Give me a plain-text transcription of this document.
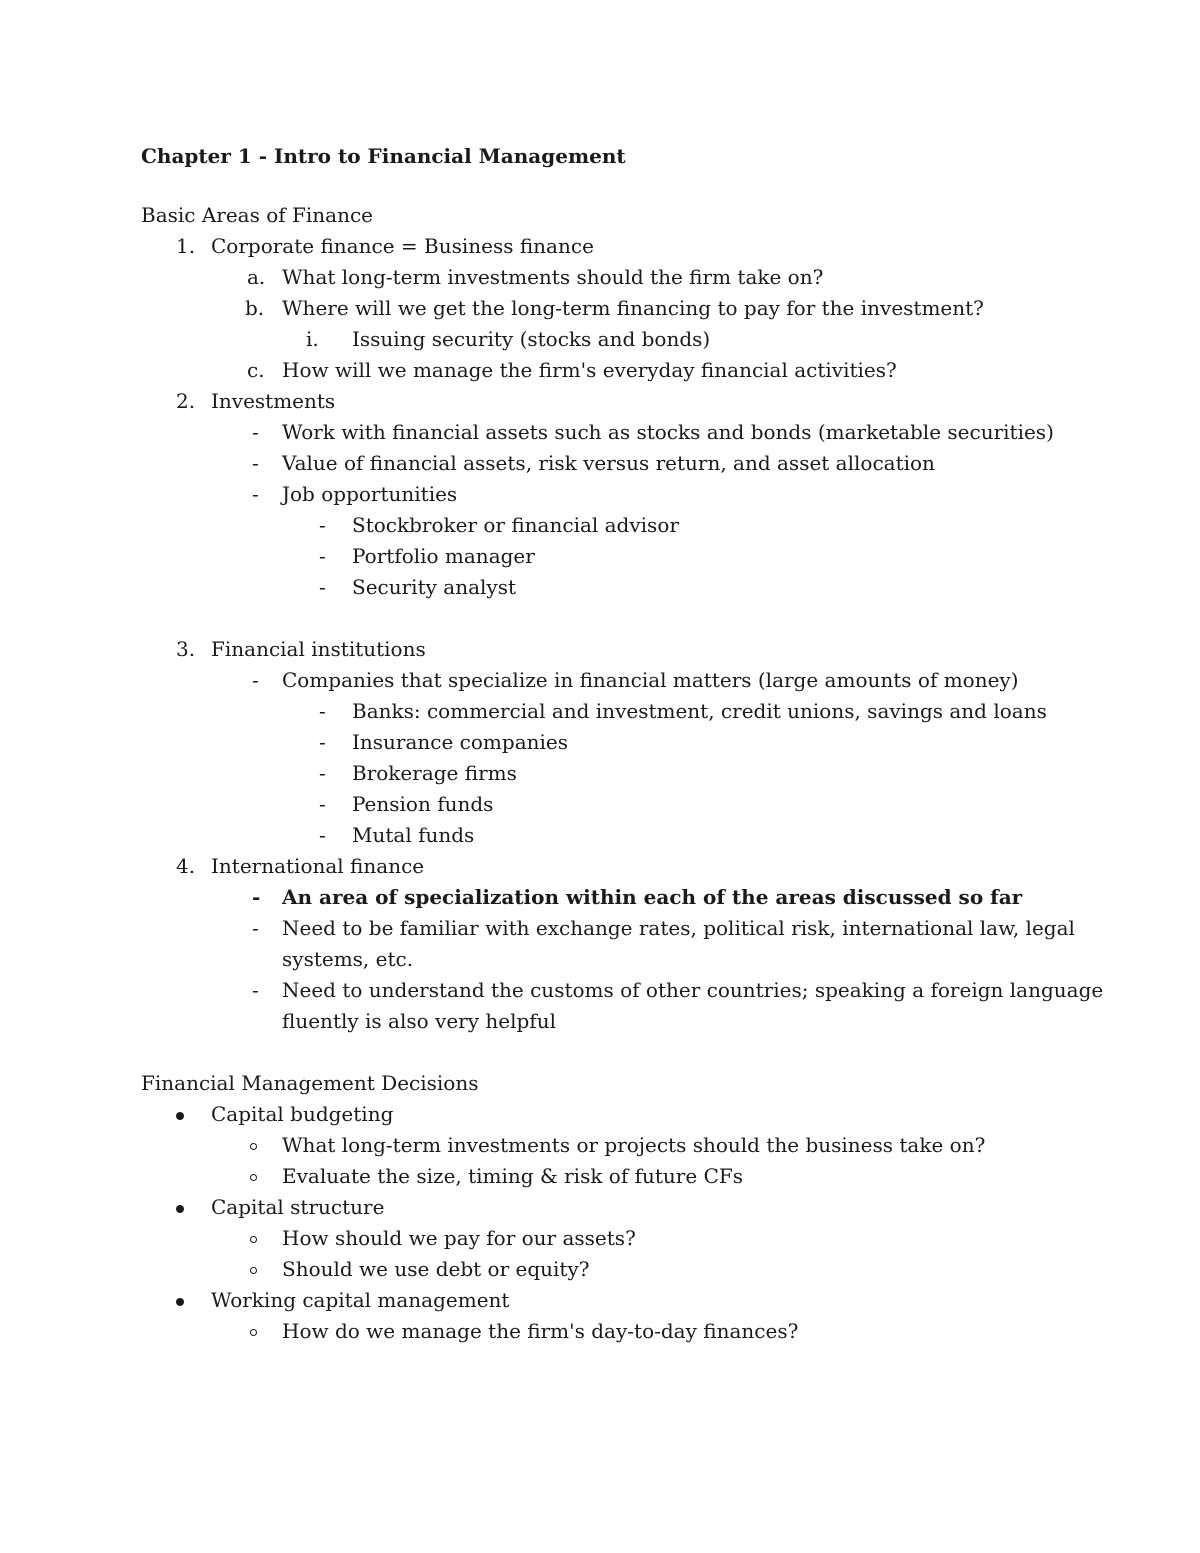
Chapter 1 - Intro to Financial Management
Basic Areas of Finance
1. Corporate finance = Business finance
a. What long-term investments should the firm take on?
b. Where will we get the long-term financing to pay for the investment?
i. Issuing security (stocks and bonds)
c. How will we manage the firm's everyday financial activities?
2. Investments
- Work with financial assets such as stocks and bonds (marketable securities)
- Value of financial assets, risk versus return, and asset allocation
- Job opportunities
- Stockbroker or financial advisor
- Portfolio manager
- Security analyst
3. Financial institutions
- Companies that specialize in financial matters (large amounts of money)
- Banks: commercial and investment, credit unions, savings and loans
- Insurance companies
- Brokerage firms
- Pension funds
- Mutal funds
4. International finance
- An area of specialization within each of the areas discussed so far
- Need to be familiar with exchange rates, political risk, international law, legal
systems, etc.
- Need to understand the customs of other countries; speaking a foreign language
fluently is also very helpful
Financial Management Decisions
Capital budgeting
What long-term investments or projects should the business take on?
Evaluate the size, timing & risk of future CFs
Capital structure
How should we pay for our assets?
Should we use debt or equity?
Working capital management
How do we manage the firm's day-to-day finances?
